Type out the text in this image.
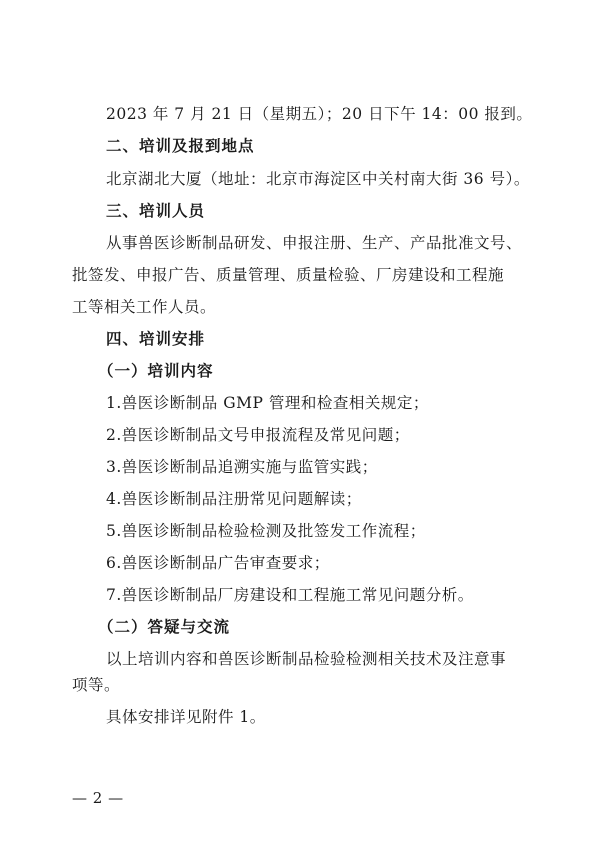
2023 年 7 月 21 日（星期五）；20 日下午 14：00 报到。
二、培训及报到地点
北京湖北大厦（地址：北京市海淀区中关村南大街 36 号）。
三、培训人员
从事兽医诊断制品研发、申报注册、生产、产品批准文号、
批签发、申报广告、质量管理、质量检验、厂房建设和工程施
工等相关工作人员。
四、培训安排
（一）培训内容
1.兽医诊断制品 GMP 管理和检查相关规定；
2.兽医诊断制品文号申报流程及常见问题；
3.兽医诊断制品追溯实施与监管实践；
4.兽医诊断制品注册常见问题解读；
5.兽医诊断制品检验检测及批签发工作流程；
6.兽医诊断制品广告审查要求；
7.兽医诊断制品厂房建设和工程施工常见问题分析。
（二）答疑与交流
以上培训内容和兽医诊断制品检验检测相关技术及注意事
项等。
具体安排详见附件 1。
— 2 —
